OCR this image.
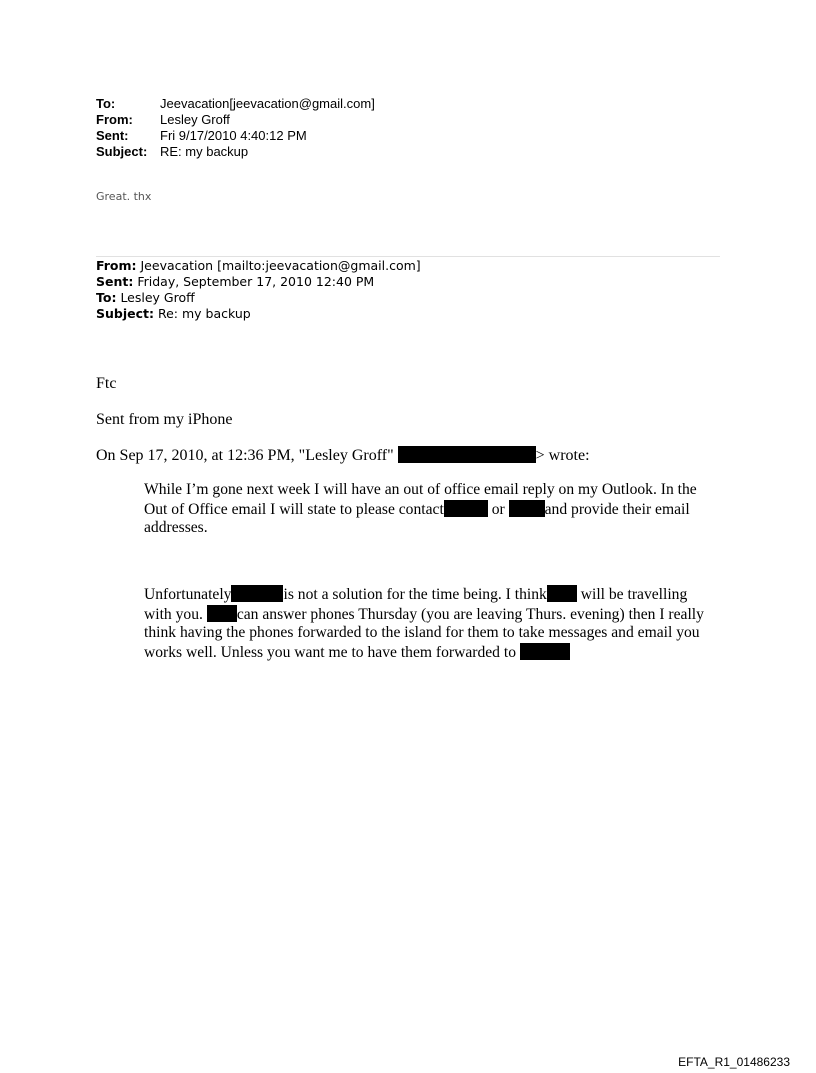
To:	Jeevacation[jeevacation@gmail.com]
From:	Lesley Groff
Sent:	Fri 9/17/2010 4:40:12 PM
Subject: RE: my backup
Great. thx
From: Jeevacation [mailto:jeevacation@gmail.com]
Sent: Friday, September 17, 2010 12:40 PM
To: Lesley Groff
Subject: Re: my backup
Ftc
Sent from my iPhone
On Sep 17, 2010, at 12:36 PM, "Lesley Groff"	> wrote:
While I’m gone next week I will have an out of office email reply on my Outlook. In the Out of Office email I will state to please contact	or	and provide their email addresses.
Unfortunately	is not a solution for the time being. I think will be travelling with you. can answer phones Thursday (you are leaving Thurs. evening) then I really think having the phones forwarded to the island for them to take messages and email you works well. Unless you want me to have them forwarded to
EFTA_R1_01486233
